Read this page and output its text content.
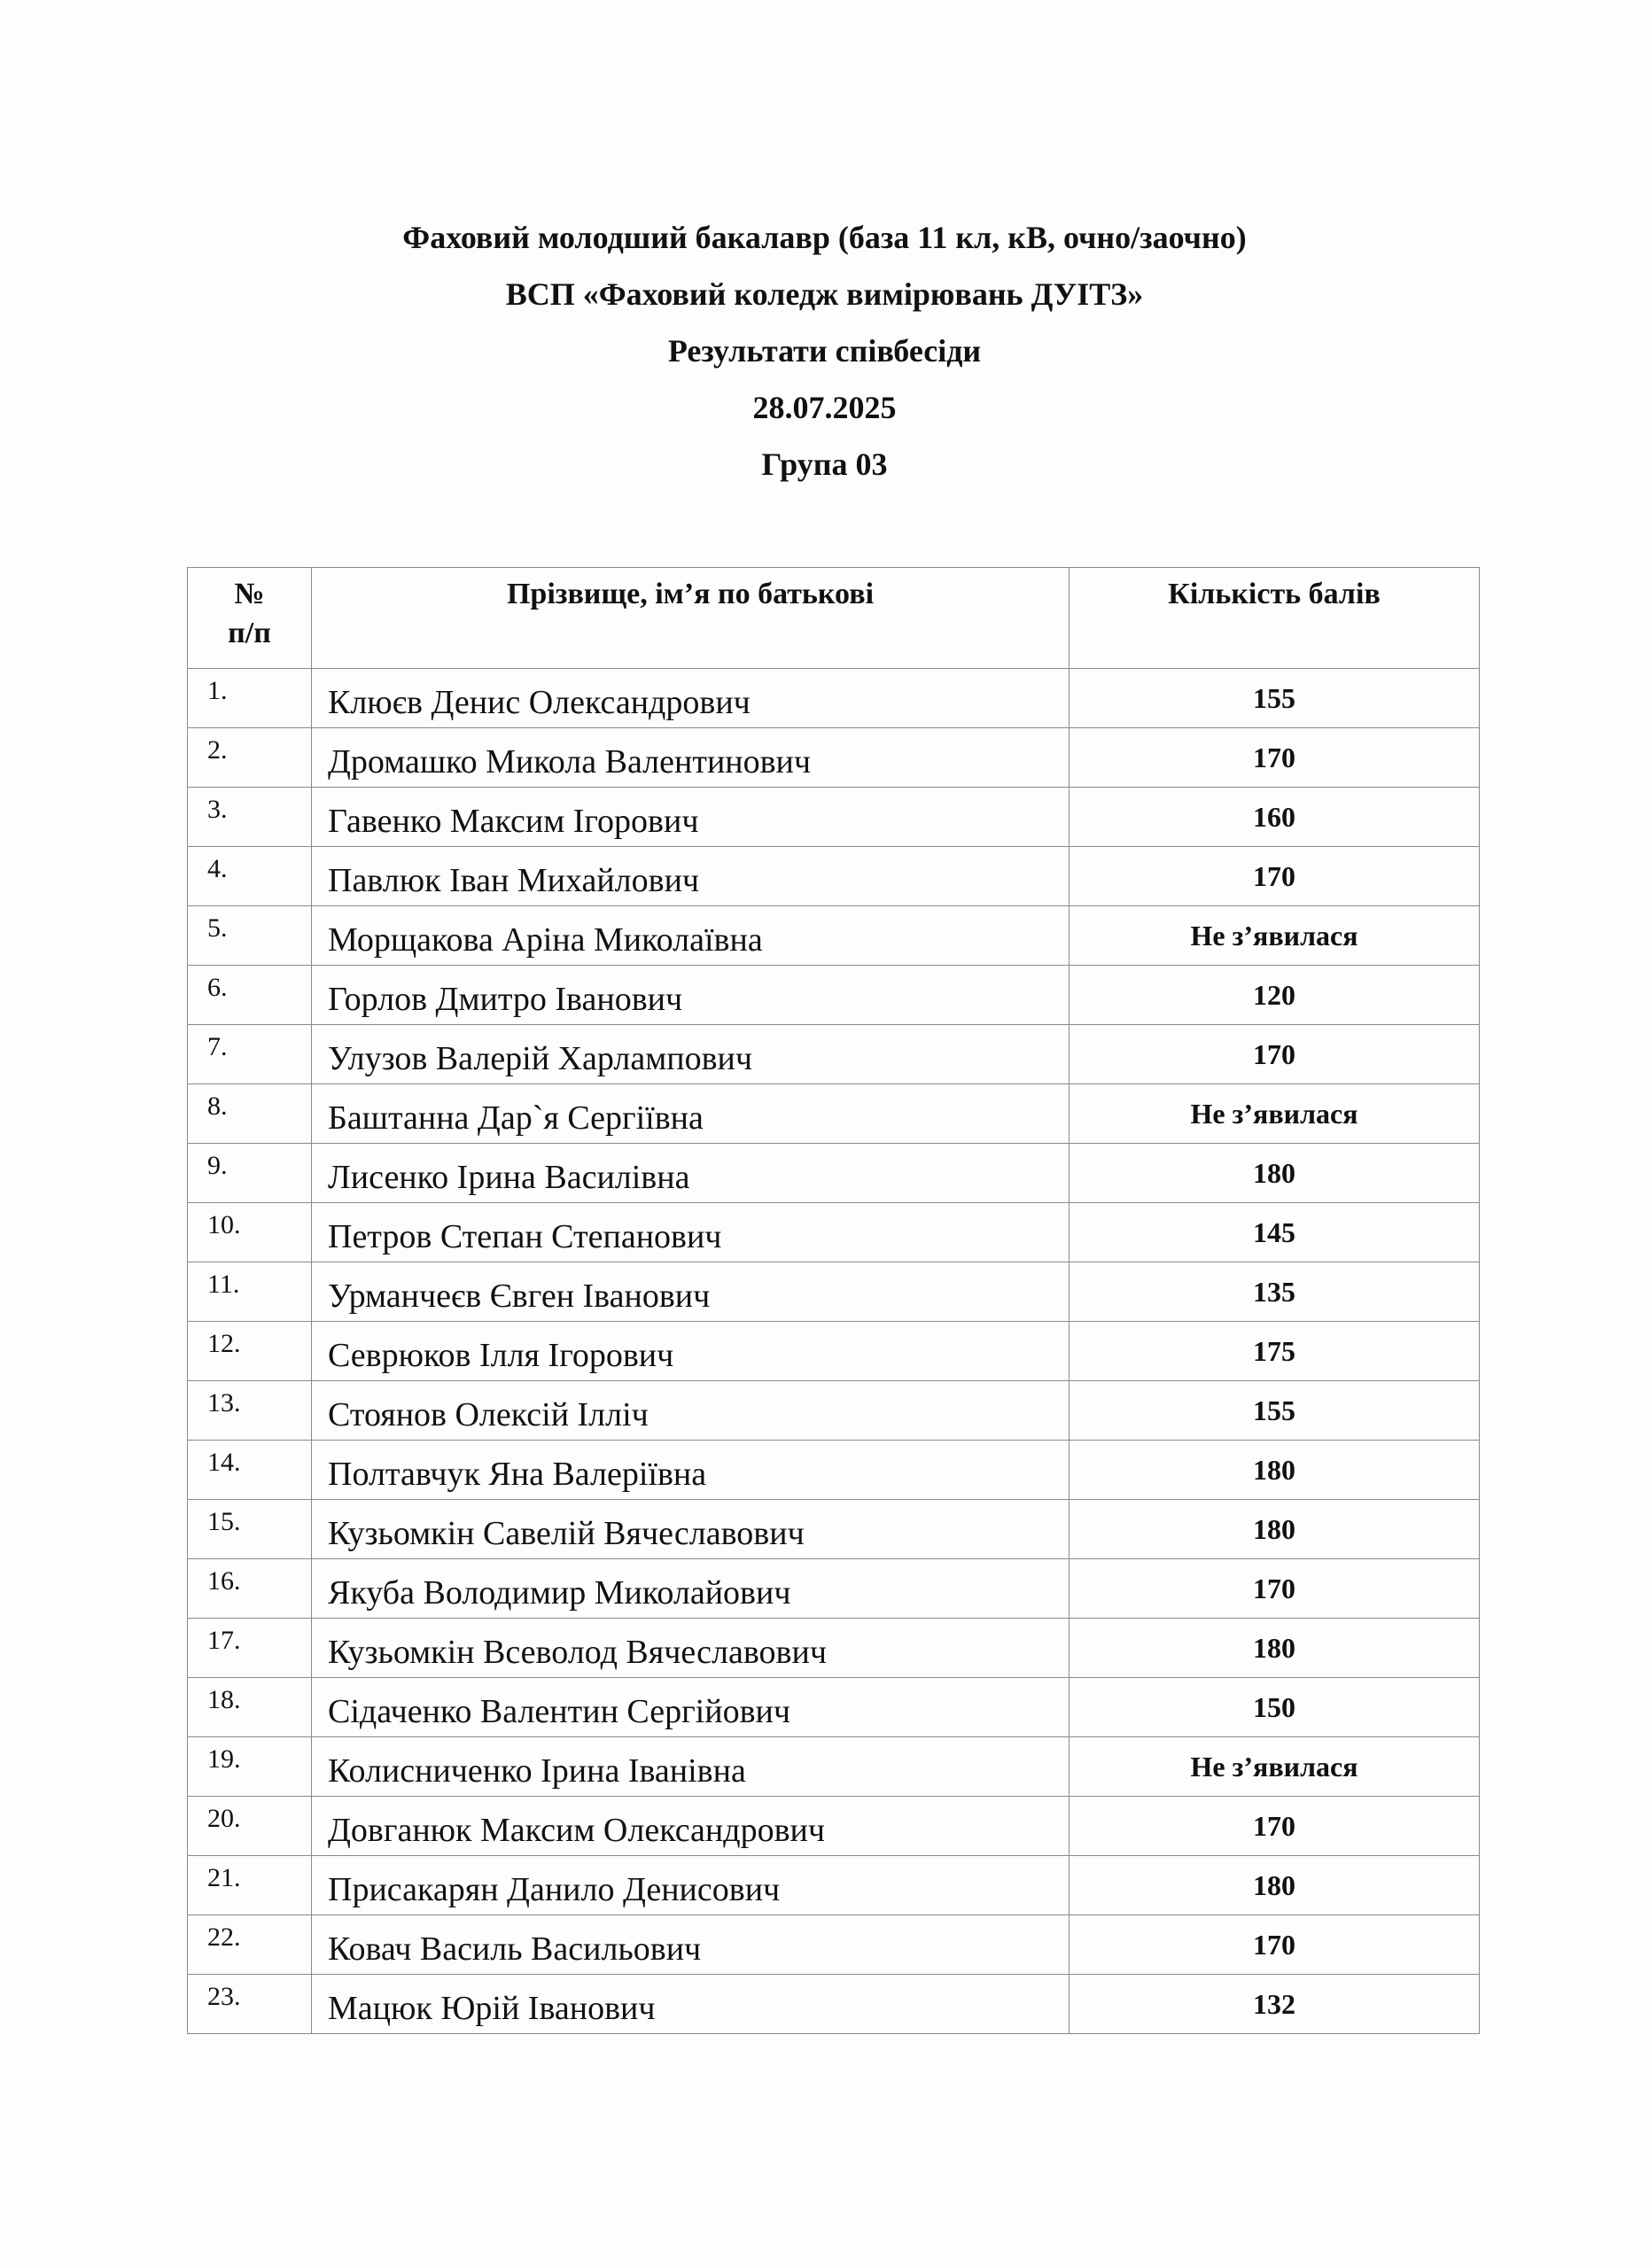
Фаховий молодший бакалавр (база 11 кл, кВ, очно/заочно)
ВСП «Фаховий коледж вимірювань ДУІТЗ»
Результати співбесіди
28.07.2025
Група 03
№
п/п	Прізвище, ім’я по батькові	Кількість балів
1.	Клюєв Денис Олександрович	155
2.	Дромашко Микола Валентинович	170
3.	Гавенко Максим Ігорович	160
4.	Павлюк Іван Михайлович	170
5.	Морщакова Аріна Миколаївна	Не з’явилася
6.	Горлов Дмитро Іванович	120
7.	Улузов Валерій Харлампович	170
8.	Баштанна Дар`я Сергіївна	Не з’явилася
9.	Лисенко Ірина Василівна	180
10.	Петров Степан Степанович	145
11.	Урманчеєв Євген Іванович	135
12.	Севрюков Ілля Ігорович	175
13.	Стоянов Олексій Ілліч	155
14.	Полтавчук Яна Валеріївна	180
15.	Кузьомкін Савелій Вячеславович	180
16.	Якуба Володимир Миколайович	170
17.	Кузьомкін Всеволод Вячеславович	180
18.	Сідаченко Валентин Сергійович	150
19.	Колисниченко Ірина Іванівна	Не з’явилася
20.	Довганюк Максим Олександрович	170
21.	Присакарян Данило Денисович	180
22.	Ковач Василь Васильович	170
23.	Мацюк Юрій Іванович	132
